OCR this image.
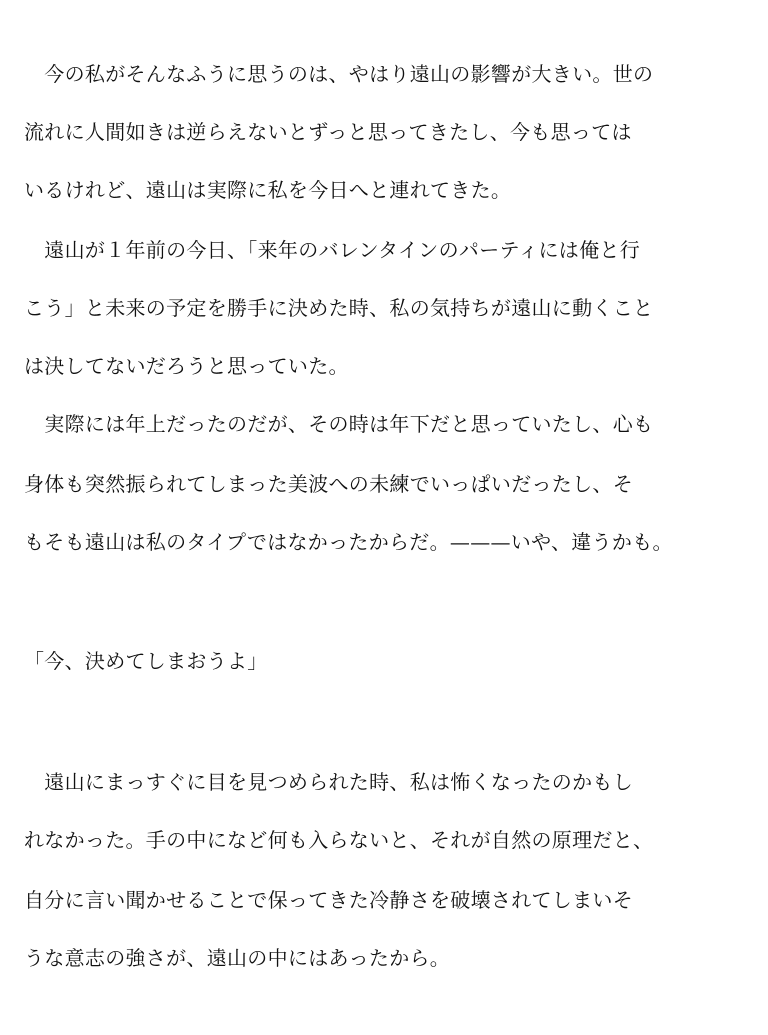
　今の私がそんなふうに思うのは、やはり遠山の影響が大きい。世の

流れに人間如きは逆らえないとずっと思ってきたし、今も思っては

いるけれど、遠山は実際に私を今日へと連れてきた。

　遠山が１年前の今日、「来年のバレンタインのパーティには俺と行

こう」と未来の予定を勝手に決めた時、私の気持ちが遠山に動くこと

は決してないだろうと思っていた。

　実際には年上だったのだが、その時は年下だと思っていたし、心も

身体も突然振られてしまった美波への未練でいっぱいだったし、そ

もそも遠山は私のタイプではなかったからだ。———いや、違うかも。

「今、決めてしまおうよ」

　遠山にまっすぐに目を見つめられた時、私は怖くなったのかもし

れなかった。手の中になど何も入らないと、それが自然の原理だと、

自分に言い聞かせることで保ってきた冷静さを破壊されてしまいそ

うな意志の強さが、遠山の中にはあったから。
